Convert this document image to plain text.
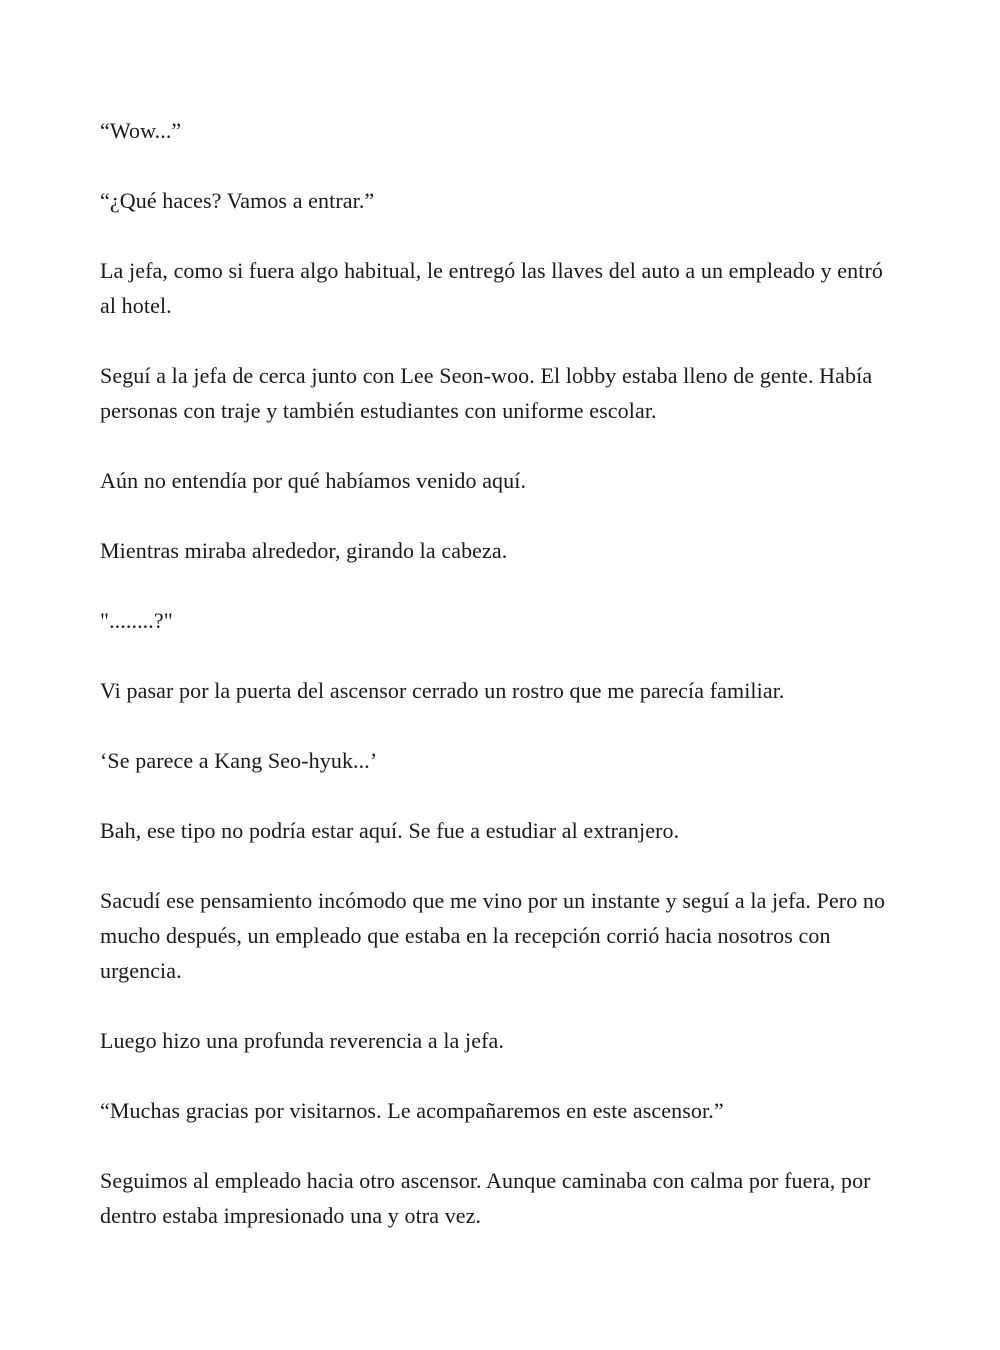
“Wow...”

“¿Qué haces? Vamos a entrar.”

La jefa, como si fuera algo habitual, le entregó las llaves del auto a un empleado y entró al hotel.

Seguí a la jefa de cerca junto con Lee Seon-woo. El lobby estaba lleno de gente. Había personas con traje y también estudiantes con uniforme escolar.

Aún no entendía por qué habíamos venido aquí.

Mientras miraba alrededor, girando la cabeza.

"........?"

Vi pasar por la puerta del ascensor cerrado un rostro que me parecía familiar.

‘Se parece a Kang Seo-hyuk...’

Bah, ese tipo no podría estar aquí. Se fue a estudiar al extranjero.

Sacudí ese pensamiento incómodo que me vino por un instante y seguí a la jefa. Pero no mucho después, un empleado que estaba en la recepción corrió hacia nosotros con urgencia.

Luego hizo una profunda reverencia a la jefa.

“Muchas gracias por visitarnos. Le acompañaremos en este ascensor.”

Seguimos al empleado hacia otro ascensor. Aunque caminaba con calma por fuera, por dentro estaba impresionado una y otra vez.
